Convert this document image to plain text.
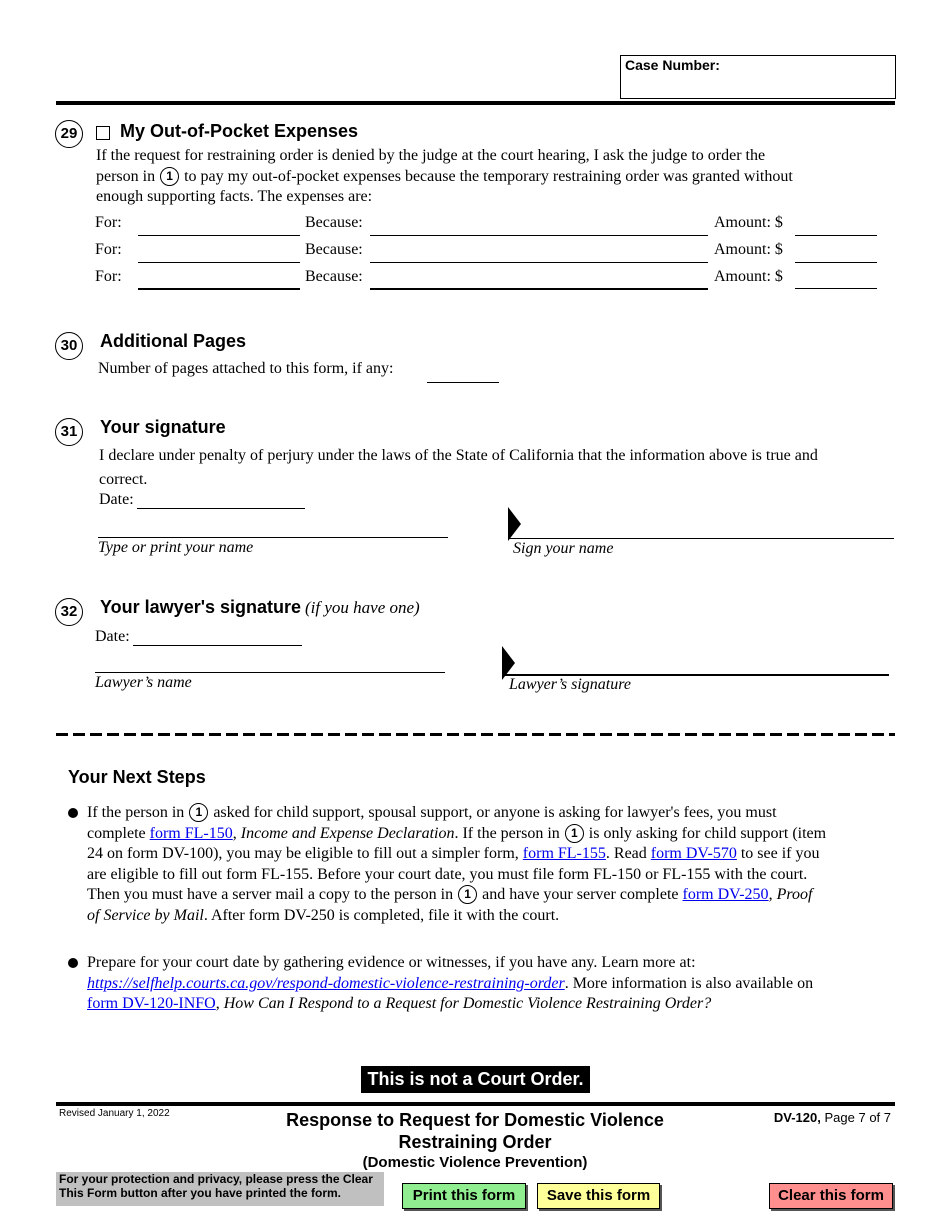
Case Number:
29	My Out-of-Pocket Expenses
If the request for restraining order is denied by the judge at the court hearing, I ask the judge to order the
person in 1 to pay my out-of-pocket expenses because the temporary restraining order was granted without
enough supporting facts. The expenses are:
For:	Because:	Amount: $
For:	Because:	Amount: $
For:	Because:	Amount: $
30	Additional Pages
Number of pages attached to this form, if any:
31	Your signature
I declare under penalty of perjury under the laws of the State of California that the information above is true and
correct.
Date:
Type or print your name	Sign your name
32	Your lawyer's signature (if you have one)
Date:
Lawyer’s name	Lawyer’s signature
Your Next Steps
If the person in 1 asked for child support, spousal support, or anyone is asking for lawyer's fees, you must
complete form FL-150, Income and Expense Declaration. If the person in 1 is only asking for child support (item
24 on form DV-100), you may be eligible to fill out a simpler form, form FL-155. Read form DV-570 to see if you
are eligible to fill out form FL-155. Before your court date, you must file form FL-150 or FL-155 with the court.
Then you must have a server mail a copy to the person in 1 and have your server complete form DV-250, Proof
of Service by Mail. After form DV-250 is completed, file it with the court.
Prepare for your court date by gathering evidence or witnesses, if you have any. Learn more at:
https://selfhelp.courts.ca.gov/respond-domestic-violence-restraining-order. More information is also available on
form DV-120-INFO, How Can I Respond to a Request for Domestic Violence Restraining Order?
This is not a Court Order.
Revised January 1, 2022	Response to Request for Domestic Violence
Restraining Order
(Domestic Violence Prevention)
DV-120, Page 7 of 7
For your protection and privacy, please press the Clear This Form button after you have printed the form.	Print this form	Save this form	Clear this form
